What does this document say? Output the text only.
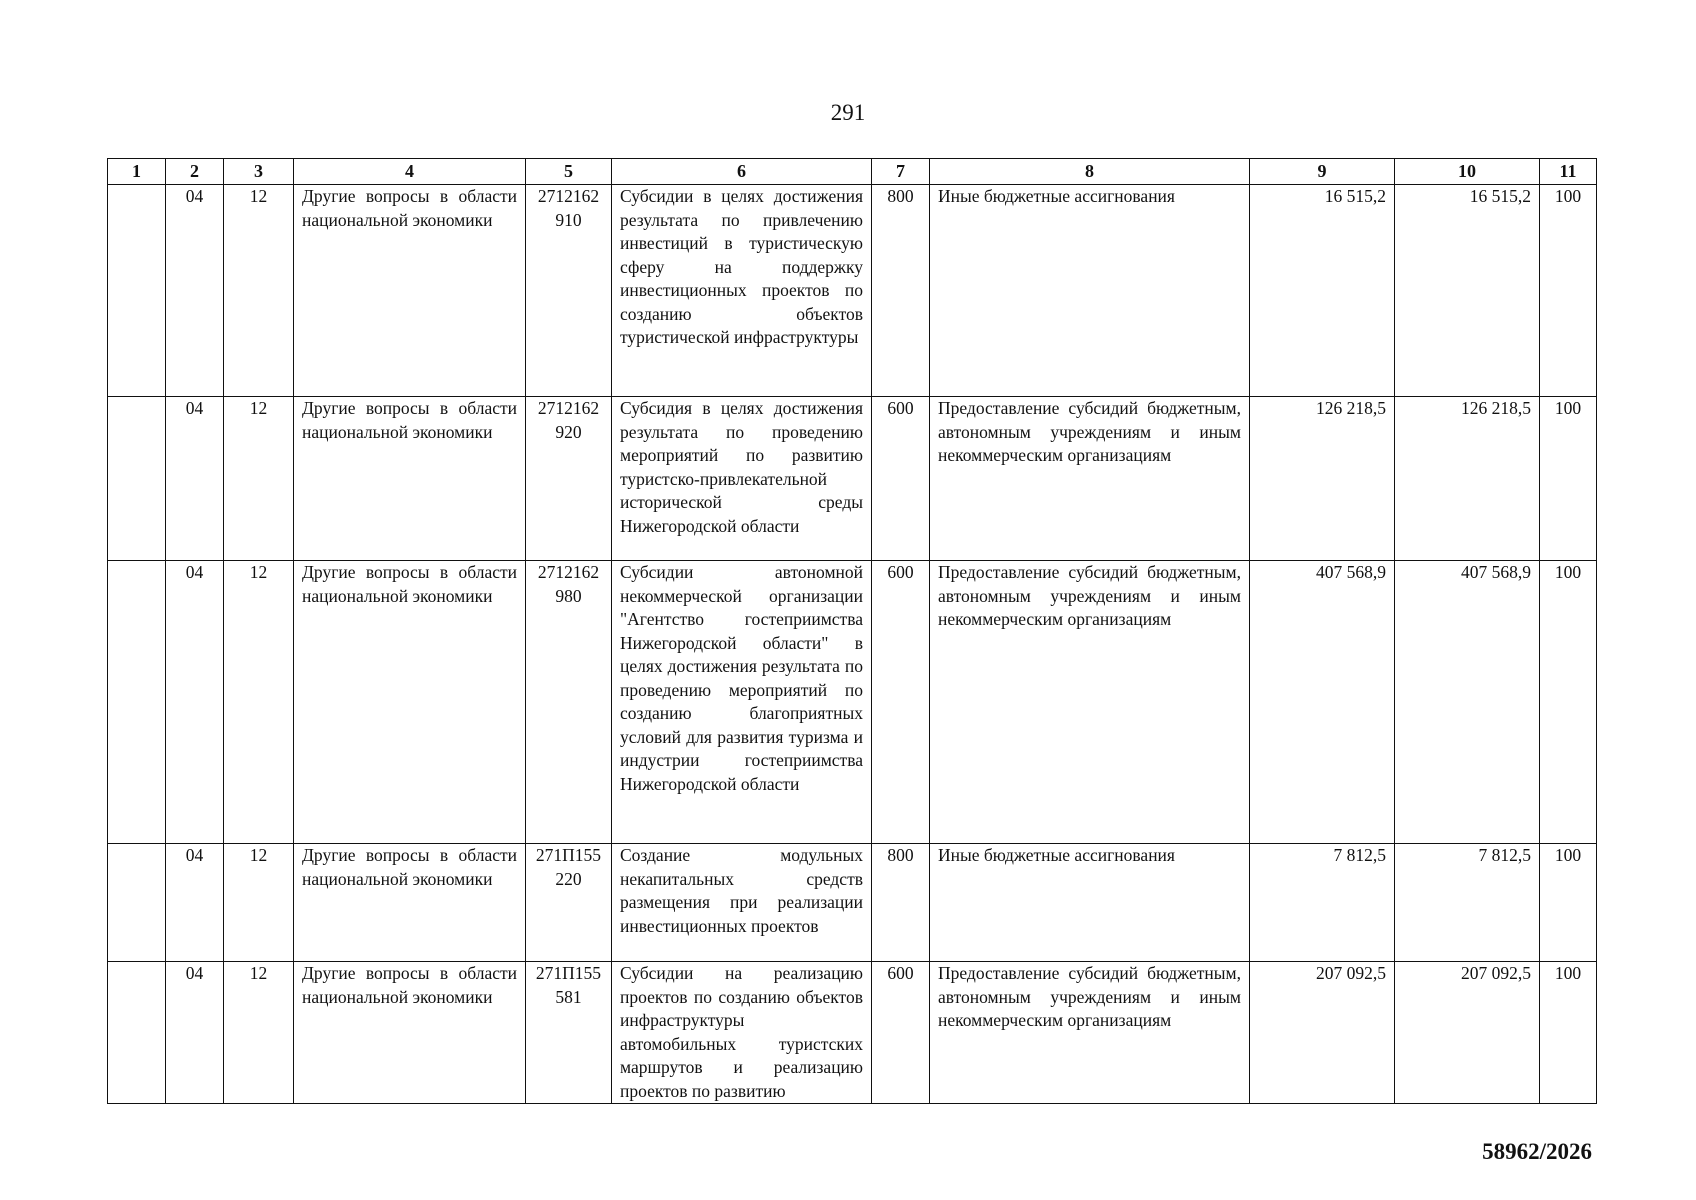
291
1	2	3	4	5	6	7	8	9	10	11
	04	12	Другие вопросы в области национальной экономики	2712162910	Субсидии в целях достижения результата по привлечению инвестиций в туристическую сферу на поддержку инвестиционных проектов по созданию объектов туристической инфраструктуры	800	Иные бюджетные ассигнования	16 515,2	16 515,2	100
	04	12	Другие вопросы в области национальной экономики	2712162920	Субсидия в целях достижения результата по проведению мероприятий по развитию туристско-привлекательной исторической среды Нижегородской области	600	Предоставление субсидий бюджетным, автономным учреждениям и иным некоммерческим организациям	126 218,5	126 218,5	100
	04	12	Другие вопросы в области национальной экономики	2712162980	Субсидии автономной некоммерческой организации "Агентство гостеприимства Нижегородской области" в целях достижения результата по проведению мероприятий по созданию благоприятных условий для развития туризма и индустрии гостеприимства Нижегородской области	600	Предоставление субсидий бюджетным, автономным учреждениям и иным некоммерческим организациям	407 568,9	407 568,9	100
	04	12	Другие вопросы в области национальной экономики	271П155220	Создание модульных некапитальных средств размещения при реализации инвестиционных проектов	800	Иные бюджетные ассигнования	7 812,5	7 812,5	100
	04	12	Другие вопросы в области национальной экономики	271П155581	Субсидии на реализацию проектов по созданию объектов инфраструктуры автомобильных туристских маршрутов и реализацию проектов по развитию	600	Предоставление субсидий бюджетным, автономным учреждениям и иным некоммерческим организациям	207 092,5	207 092,5	100
58962/2026
